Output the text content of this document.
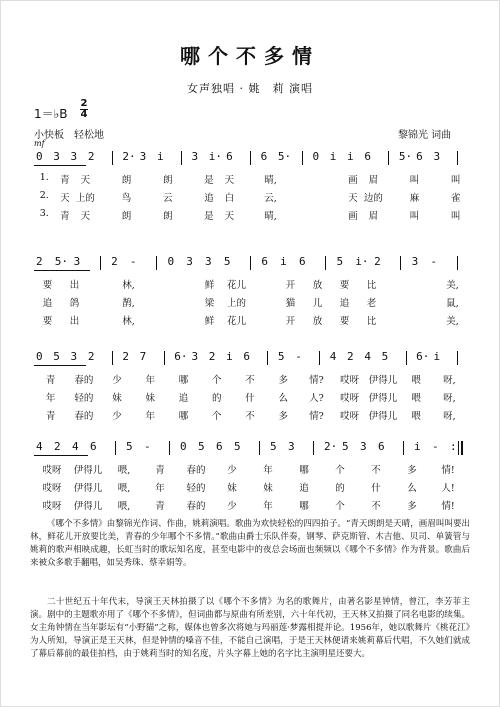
哪个不多情
女声独唱 · 姚　莉 演唱
1＝♭B
2
4
小快板　轻松地
mf
黎锦光 词曲
0 3 3 2	2· 3 i	3 i· 6	6 5· 0 i i 6	5· 6 3
1.	青	天	朗	朗	是	天	晴,	画	眉	叫	叫
2.	天 上的	鸟	云	追	白	云,	天 边的	麻	雀
3.	青	天	朗	朗	是	天	晴,	画	眉	叫	叫
2 5· 3	2 -	0 3 3 5	6 i 6	5 i· 2	3 -
要	出	林,	鲜	花儿	开	放	要	比	美,
追	鸽	鹊,	梁	上的	猫	儿	追	老	鼠,
要	出	林,	鲜	花儿	开	放	要	比	美,
0 5 3 2	2 7	6· 3 2 i 6	5 -	4 2 4 5	6· i
青	春的	少	年	哪	个	不	多	情?	哎呀 伊得儿	喂	呀,
年	轻的	妹	妹	追	的	什	么	人?	哎呀 伊得儿	喂	呀,
青	春的	少	年	哪	个	不	多	情?	哎呀 伊得儿	喂	呀,
4 2 4 6	5 -	0 5 6 5	5 3	2· 5 3 6	i - :
哎呀	伊得儿	喂,	青	春的	少	年	哪	个	不	多	情!
哎呀	伊得儿	喂,	年	轻的	妹	妹	追	的	什	么	人!
哎呀	伊得儿	喂,	青	春的	少	年	哪	个	不	多	情!
《哪个不多情》由黎锦光作词、作曲，姚莉演唱。歌曲为欢快轻松的四四拍子。“青天朗朗是天晴，画眉叫叫要出林，鲜花儿开放要比美，青春的少年哪个不多情。”歌曲由爵士乐队伴奏，钢琴、萨克斯管、木吉他、贝司、单簧管与姚莉的歌声相映成趣，长虹当时的歌坛知名度，甚至电影中的夜总会场面也频频以《哪个不多情》作为背景。歌曲后来被众多歌手翻唱，如吴秀珠、蔡幸娟等。
二十世纪五十年代末，导演王天林拍摄了以《哪个不多情》为名的歌舞片，由著名影星钟情，曾江，李芳菲主演。剧中的主题歌亦用了《哪个不多情》，但词曲都与原曲有所差别，六十年代初，王天林又拍摄了同名电影的续集。女主角钟情在当年影坛有“小野猫”之称，媒体也曾多次将她与玛丽莲·梦露相提并论。1956年，她以歌舞片《桃花江》为人所知，导演正是王天林，但是钟情的嗓音不佳，不能自己演唱，于是王天林便请来姚莉幕后代唱，不久她们就成了幕后幕前的最佳拍档，由于姚莉当时的知名度，片头字幕上她的名字比主演明星还要大。
